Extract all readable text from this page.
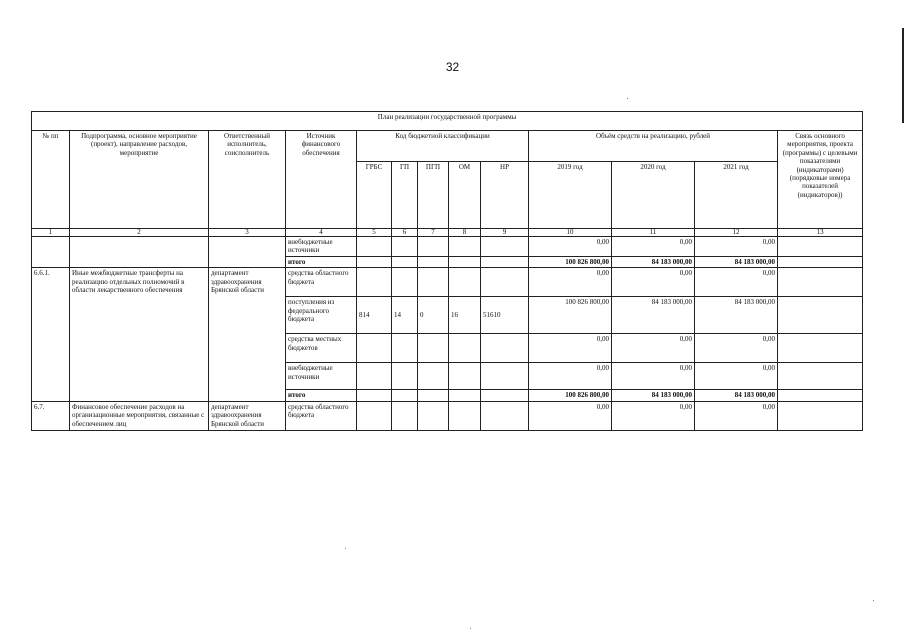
32
План реализации государственной программы												
№ пп	Подпрограмма, основное мероприятие (проект), направление расходов, мероприятие	Ответственный исполнитель, соисполнитель	Источник финансового обеспечения	Код бюджетной классификации					Объём средств на реализацию, рублей			Связь основного мероприятия, проекта (программы) с целевыми показателями (индикаторами) (порядковые номера показателей (индикаторов))
				ГРБС	ГП	ПГП	ОМ	НР	2019 год	2020 год	2021 год	
1	2	3	4	5	6	7	8	9	10	11	12	13
			внебюджетные источники						0,00	0,00	0,00	
			итого						100 826 800,00	84 183 000,00	84 183 000,00	
6.6.1.	Иные межбюджетные трансферты на реализацию отдельных полномочий в области лекарственного обеспечения	департамент здравоохранения Брянской области	средства областного бюджета						0,00	0,00	0,00	
			поступления из федерального бюджета	814	14	0	16	51610	100 826 800,00	84 183 000,00	84 183 000,00	
			средства местных бюджетов						0,00	0,00	0,00	
			внебюджетные источники						0,00	0,00	0,00	
			итого						100 826 800,00	84 183 000,00	84 183 000,00	
6.7.	Финансовое обеспечение расходов на организационные мероприятия, связанные с обеспечением лиц	департамент здравоохранения Брянской области	средства областного бюджета						0,00	0,00	0,00	
